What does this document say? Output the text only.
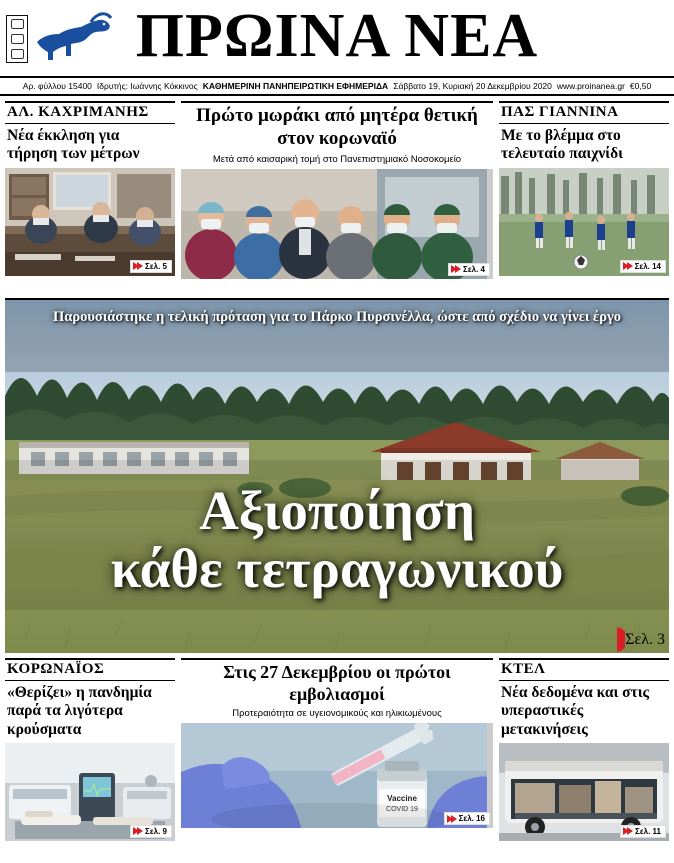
ΠΡΩΙΝΑ ΝΕΑ
Αρ. φύλλου 15400 Ιδρυτής: Ιωάννης Κόκκινος ΚΑΘΗΜΕΡΙΝΗ ΠΑΝΗΠΕΙΡΩΤΙΚΗ ΕΦΗΜΕΡΙΔΑ Σάββατο 19, Κυριακή 20 Δεκεμβρίου 2020 www.proinanea.gr €0,50
ΑΛ. ΚΑΧΡΙΜΑΝΗΣ
Νέα έκκληση για τήρηση των μέτρων
Σελ. 5
Πρώτο μωράκι από μητέρα θετική στον κορωναϊό
Μετά από καισαρική τομή στο Πανεπιστημιακό Νοσοκομείο
Σελ. 4
ΠΑΣ ΓΙΑΝΝΙΝΑ
Με το βλέμμα στο τελευταίο παιχνίδι
Σελ. 14
Παρουσιάστηκε η τελική πρόταση για το Πάρκο Πυρσινέλλα, ώστε από σχέδιο να γίνει έργο
Αξιοποίηση
κάθε τετραγωνικού
Σελ. 3
ΚΟΡΩΝΑΪΟΣ
«Θερίζει» η πανδημία παρά τα λιγότερα κρούσματα
Σελ. 9
Στις 27 Δεκεμβρίου οι πρώτοι εμβολιασμοί
Προτεραιότητα σε υγειονομικούς και ηλικιωμένους
Vaccine
COVID 19
Σελ. 16
ΚΤΕΛ
Νέα δεδομένα και στις υπεραστικές μετακινήσεις
Σελ. 11
